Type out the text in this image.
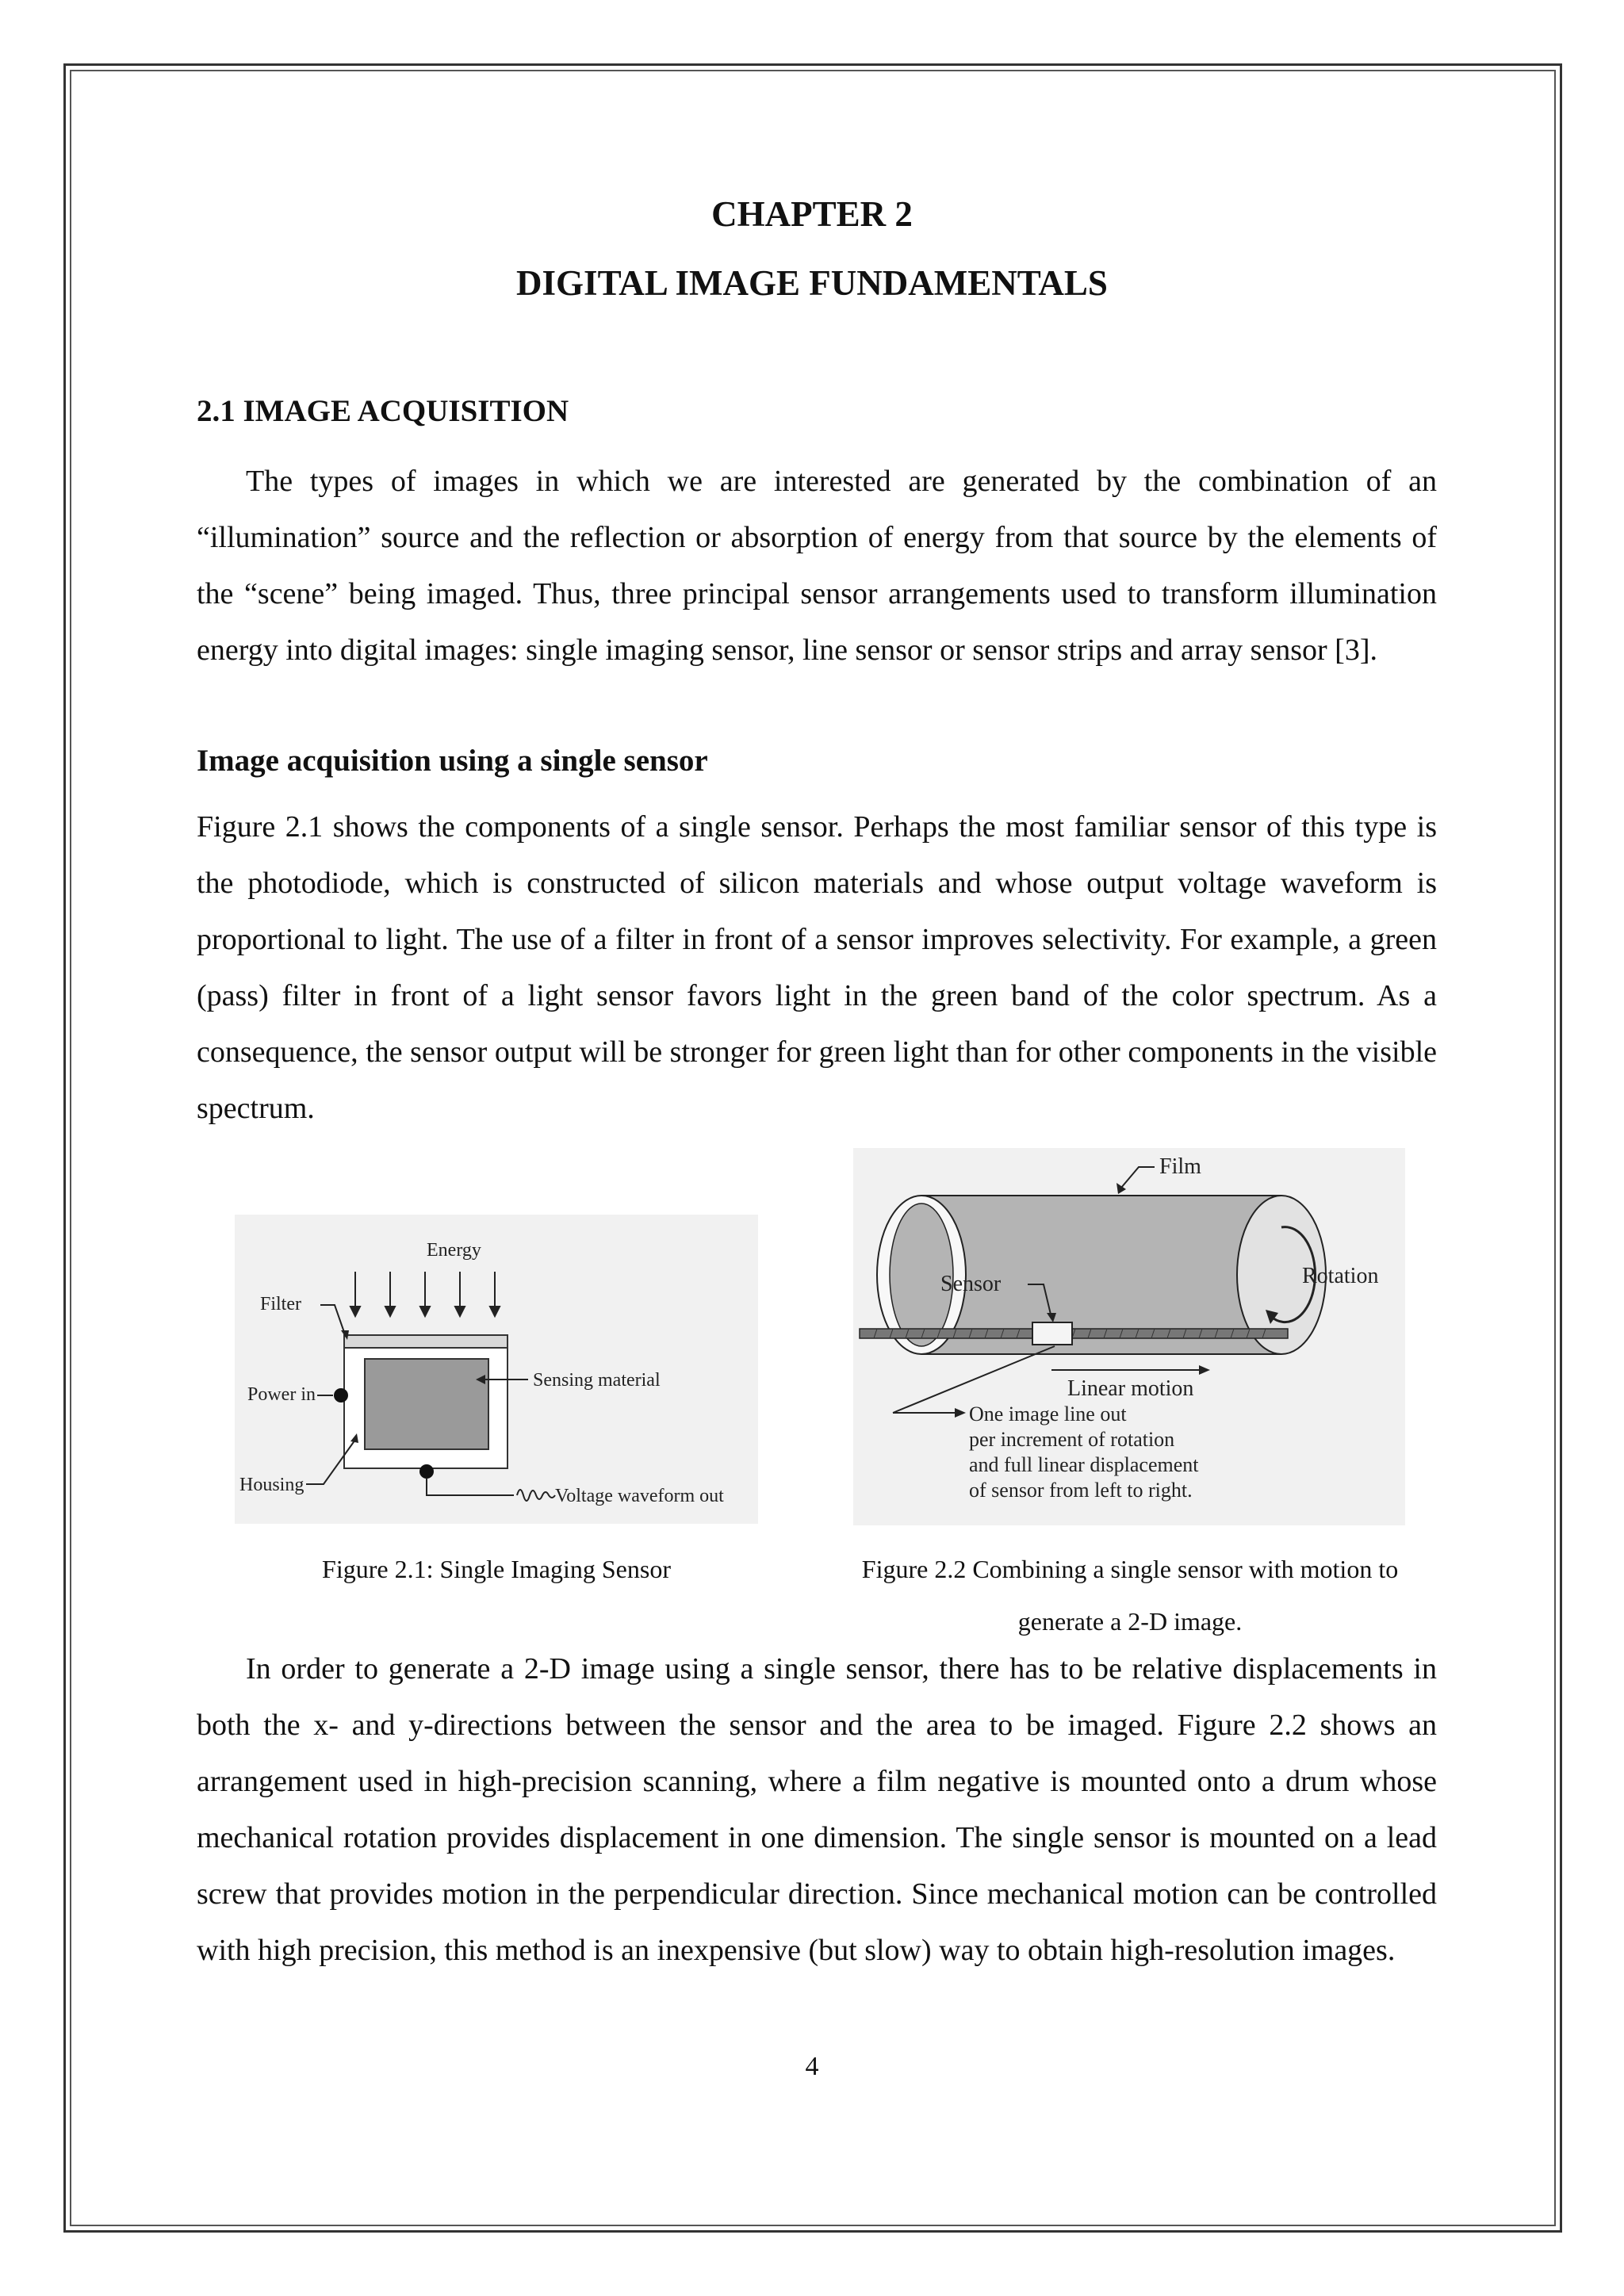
CHAPTER 2
DIGITAL IMAGE FUNDAMENTALS
2.1 IMAGE ACQUISITION
The types of images in which we are interested are generated by the combination of an “illumination” source and the reflection or absorption of energy from that source by the elements of the “scene” being imaged. Thus, three principal sensor arrangements used to transform illumination energy into digital images: single imaging sensor, line sensor or sensor strips and array sensor [3].
Image acquisition using a single sensor
Figure 2.1 shows the components of a single sensor. Perhaps the most familiar sensor of this type is the photodiode, which is constructed of silicon materials and whose output voltage waveform is proportional to light. The use of a filter in front of a sensor improves selectivity. For example, a green (pass) filter in front of a light sensor favors light in the green band of the color spectrum. As a consequence, the sensor output will be stronger for green light than for other components in the visible spectrum.
Energy
Filter
Power in
Housing
Sensing material
Voltage waveform out
Figure 2.1: Single Imaging Sensor
Rotation
Sensor
Film
Linear motion
One image line out
per increment of rotation
and full linear displacement
of sensor from left to right.
Figure 2.2 Combining a single sensor with motion to
generate a 2-D image.
In order to generate a 2-D image using a single sensor, there has to be relative displacements in both the x- and y-directions between the sensor and the area to be imaged. Figure 2.2 shows an arrangement used in high-precision scanning, where a film negative is mounted onto a drum whose mechanical rotation provides displacement in one dimension. The single sensor is mounted on a lead screw that provides motion in the perpendicular direction. Since mechanical motion can be controlled with high precision, this method is an inexpensive (but slow) way to obtain high-resolution images.
4
